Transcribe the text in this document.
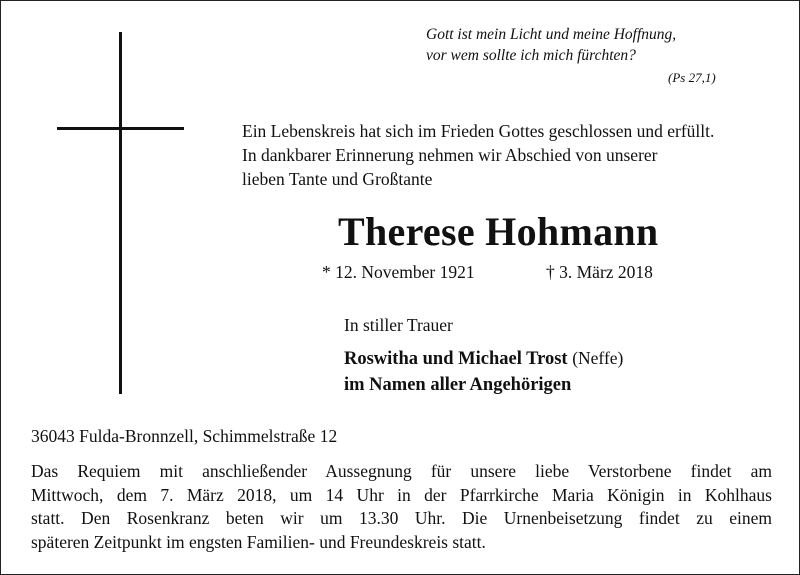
Gott ist mein Licht und meine Hoffnung,
vor wem sollte ich mich fürchten?
(Ps 27,1)
Ein Lebenskreis hat sich im Frieden Gottes geschlossen und erfüllt.
In dankbarer Erinnerung nehmen wir Abschied von unserer
lieben Tante und Großtante
Therese Hohmann
* 12. November 1921	† 3. März 2018
In stiller Trauer
Roswitha und Michael Trost (Neffe)
im Namen aller Angehörigen
36043 Fulda-Bronnzell, Schimmelstraße 12
Das Requiem mit anschließender Aussegnung für unsere liebe Verstorbene findet am
Mittwoch, dem 7. März 2018, um 14 Uhr in der Pfarrkirche Maria Königin in Kohlhaus
statt. Den Rosenkranz beten wir um 13.30 Uhr. Die Urnenbeisetzung findet zu einem
späteren Zeitpunkt im engsten Familien- und Freundeskreis statt.
